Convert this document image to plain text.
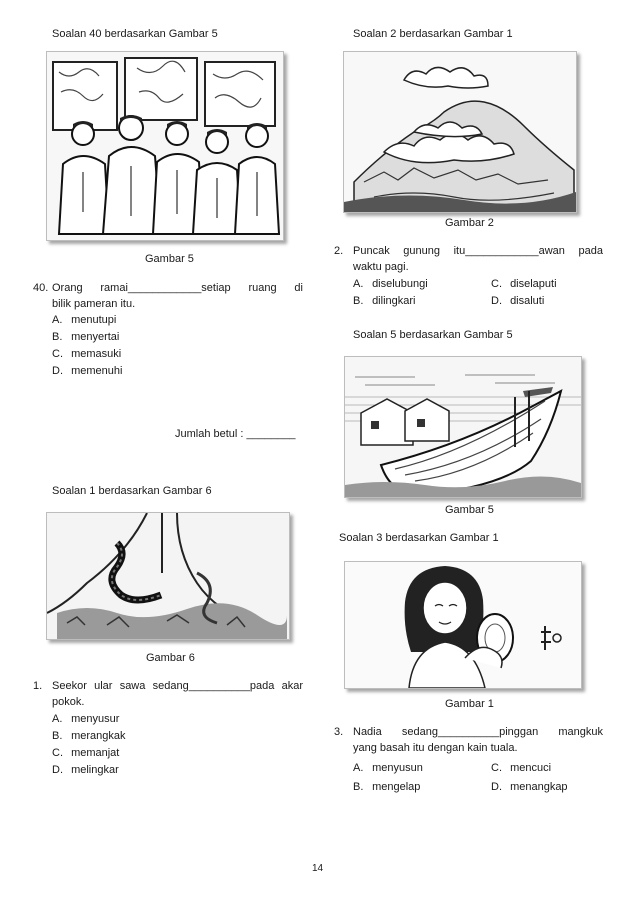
Soalan 40 berdasarkan Gambar 5
Gambar 5
40. Orang ramai____________setiap ruang di
bilik pameran itu.
A. menutupi
B. menyertai
C. memasuki
D. memenuhi
Jumlah betul : ________
Soalan 1 berdasarkan Gambar 6
Gambar 6
1. Seekor ular sawa sedang__________pada akar
pokok.
A. menyusur
B. merangkak
C. memanjat
D. melingkar
Soalan 2 berdasarkan Gambar 1
Gambar 2
2. Puncak gunung itu____________awan pada
waktu pagi.
A. diselubungi	C. diselaputi
B. dilingkari	D. disaluti
Soalan 5 berdasarkan Gambar 5
Gambar 5
Soalan 3 berdasarkan Gambar 1
Gambar 1
3. Nadia sedang__________pinggan mangkuk
yang basah itu dengan kain tuala.
A. menyusun	C. mencuci
B. mengelap	D. menangkap
14
